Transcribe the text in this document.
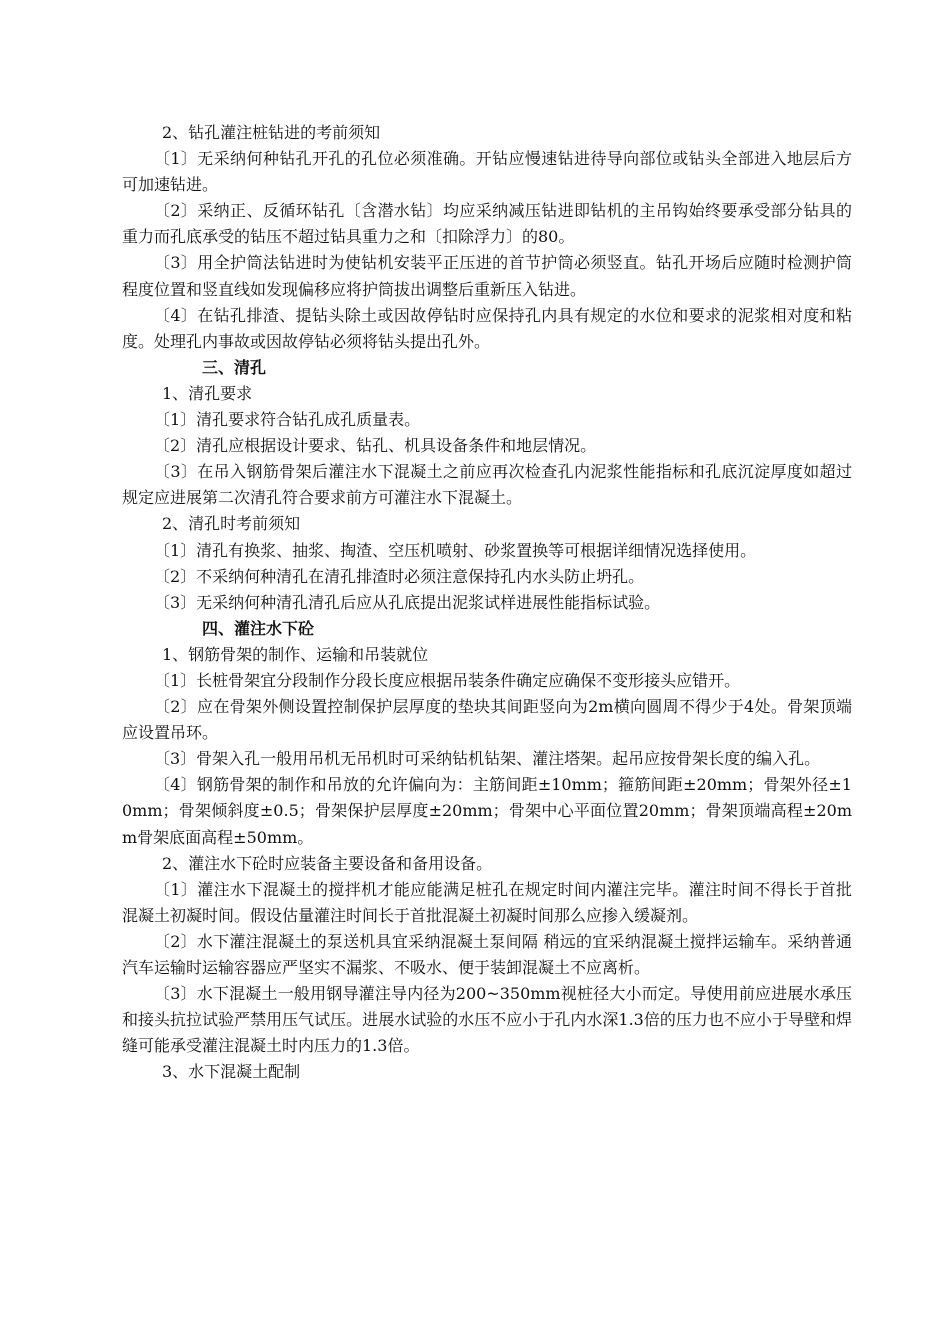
2、钻孔灌注桩钻进的考前须知

〔1〕无采纳何种钻孔开孔的孔位必须准确。开钻应慢速钻进待导向部位或钻头全部进入地层后方可加速钻进。

〔2〕采纳正、反循环钻孔〔含潜水钻〕均应采纳减压钻进即钻机的主吊钩始终要承受部分钻具的重力而孔底承受的钻压不超过钻具重力之和〔扣除浮力〕的80。

〔3〕用全护筒法钻进时为使钻机安装平正压进的首节护筒必须竖直。钻孔开场后应随时检测护筒程度位置和竖直线如发现偏移应将护筒拔出调整后重新压入钻进。

〔4〕在钻孔排渣、提钻头除土或因故停钻时应保持孔内具有规定的水位和要求的泥浆相对度和粘度。处理孔内事故或因故停钻必须将钻头提出孔外。

三、清孔

1、清孔要求

〔1〕清孔要求符合钻孔成孔质量表。

〔2〕清孔应根据设计要求、钻孔、机具设备条件和地层情况。

〔3〕在吊入钢筋骨架后灌注水下混凝土之前应再次检查孔内泥浆性能指标和孔底沉淀厚度如超过规定应进展第二次清孔符合要求前方可灌注水下混凝土。

2、清孔时考前须知

〔1〕清孔有换浆、抽浆、掏渣、空压机喷射、砂浆置换等可根据详细情况选择使用。

〔2〕不采纳何种清孔在清孔排渣时必须注意保持孔内水头防止坍孔。

〔3〕无采纳何种清孔清孔后应从孔底提出泥浆试样进展性能指标试验。

四、灌注水下砼

1、钢筋骨架的制作、运输和吊装就位

〔1〕长桩骨架宜分段制作分段长度应根据吊装条件确定应确保不变形接头应错开。

〔2〕应在骨架外侧设置控制保护层厚度的垫块其间距竖向为2m横向圆周不得少于4处。骨架顶端应设置吊环。

〔3〕骨架入孔一般用吊机无吊机时可采纳钻机钻架、灌注塔架。起吊应按骨架长度的编入孔。

〔4〕钢筋骨架的制作和吊放的允许偏向为：主筋间距±10mm；箍筋间距±20mm；骨架外径±10mm；骨架倾斜度±0.5；骨架保护层厚度±20mm；骨架中心平面位置20mm；骨架顶端高程±20mm骨架底面高程±50mm。

2、灌注水下砼时应装备主要设备和备用设备。

〔1〕灌注水下混凝土的搅拌机才能应能满足桩孔在规定时间内灌注完毕。灌注时间不得长于首批混凝土初凝时间。假设估量灌注时间长于首批混凝土初凝时间那么应掺入缓凝剂。

〔2〕水下灌注混凝土的泵送机具宜采纳混凝土泵间隔 稍远的宜采纳混凝土搅拌运输车。采纳普通汽车运输时运输容器应严坚实不漏浆、不吸水、便于装卸混凝土不应离析。

〔3〕水下混凝土一般用钢导灌注导内径为200~350mm视桩径大小而定。导使用前应进展水承压和接头抗拉试验严禁用压气试压。进展水试验的水压不应小于孔内水深1.3倍的压力也不应小于导壁和焊缝可能承受灌注混凝土时内压力的1.3倍。

3、水下混凝土配制
